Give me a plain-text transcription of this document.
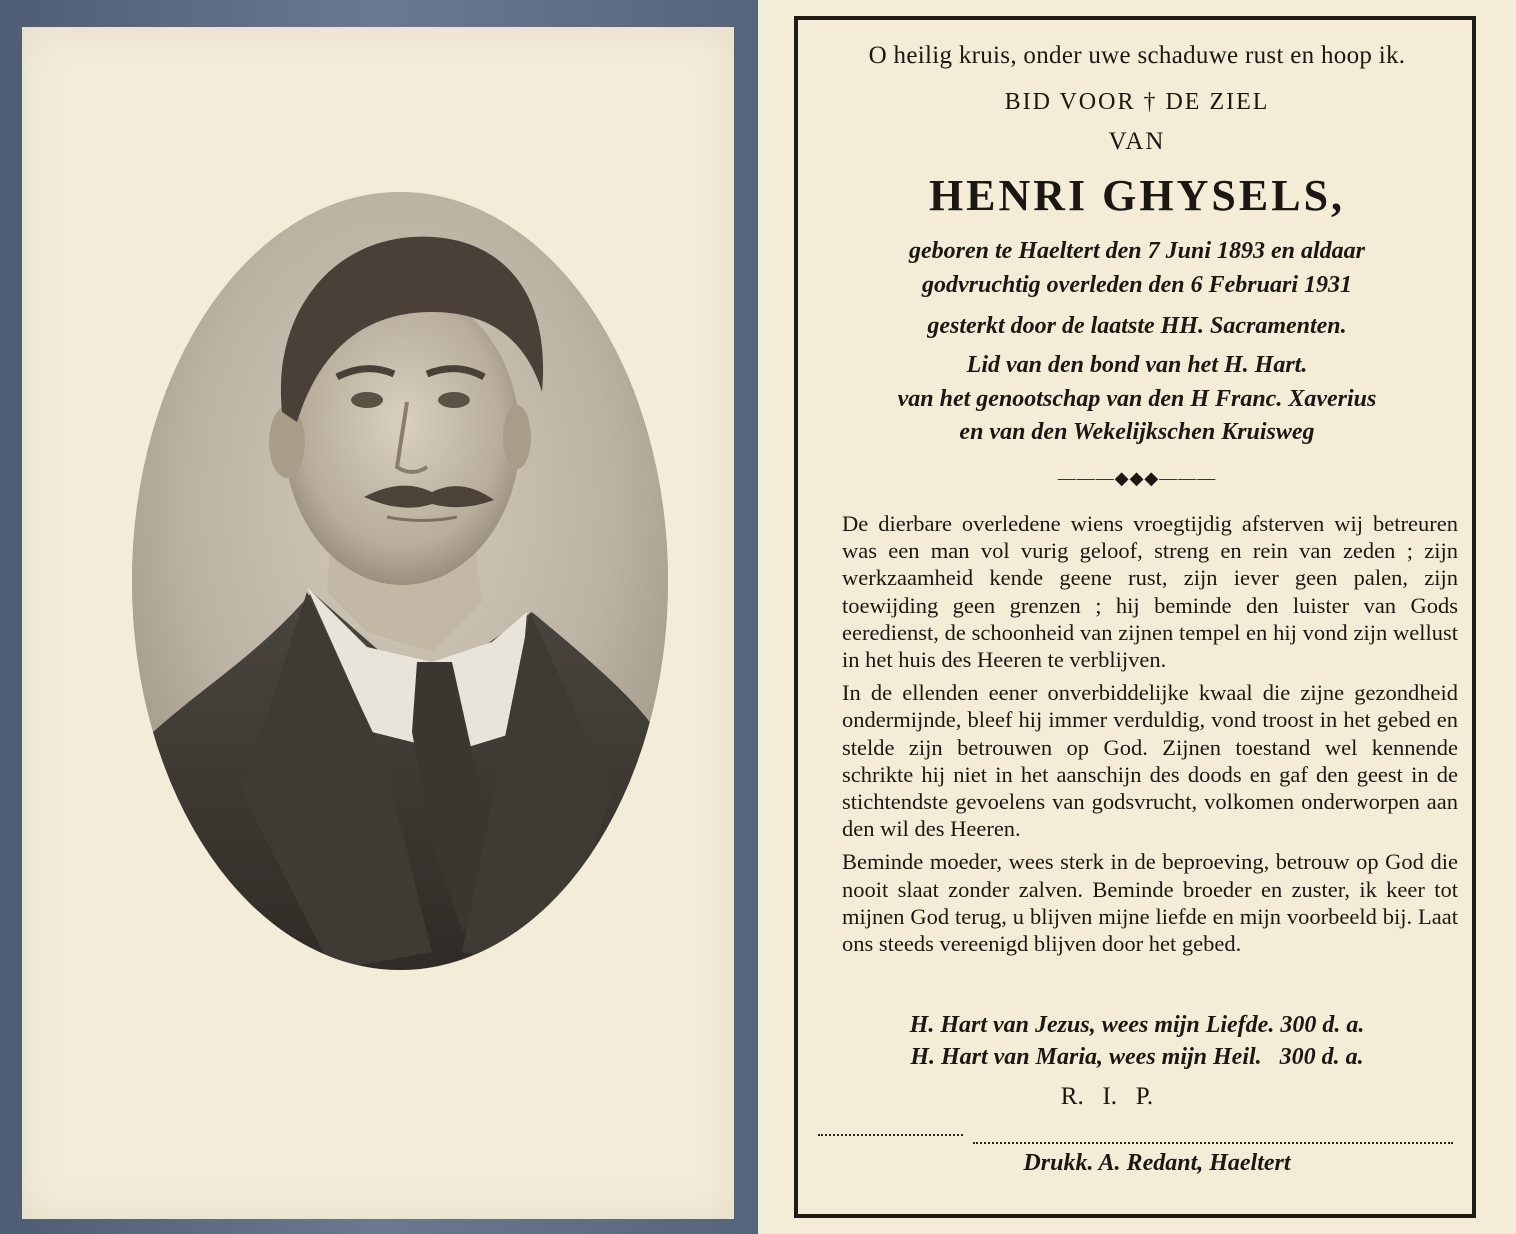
O heilig kruis, onder uwe schaduwe rust en hoop ik.
BID VOOR † DE ZIEL
VAN
HENRI GHYSELS,
geboren te Haeltert den 7 Juni 1893 en aldaar
godvruchtig overleden den 6 Februari 1931
gesterkt door de laatste HH. Sacramenten.
Lid van den bond van het H. Hart.
van het genootschap van den H Franc. Xaverius
en van den Wekelijkschen Kruisweg
———◆◆◆———

De dierbare overledene wiens vroegtijdig afsterven wij betreuren was een man vol vurig geloof, streng en rein van zeden ; zijn werkzaamheid kende geene rust, zijn iever geen palen, zijn toewijding geen grenzen ; hij beminde den luister van Gods eeredienst, de schoonheid van zijnen tempel en hij vond zijn wellust in het huis des Heeren te verblijven.

In de ellenden eener onverbiddelijke kwaal die zijne gezondheid ondermijnde, bleef hij immer verduldig, vond troost in het gebed en stelde zijn betrouwen op God. Zijnen toestand wel kennende schrikte hij niet in het aanschijn des doods en gaf den geest in de stichtendste gevoelens van godsvrucht, volkomen onderworpen aan den wil des Heeren.

Beminde moeder, wees sterk in de beproeving, betrouw op God die nooit slaat zonder zalven. Beminde broeder en zuster, ik keer tot mijnen God terug, u blijven mijne liefde en mijn voorbeeld bij. Laat ons steeds vereenigd blijven door het gebed.

H. Hart van Jezus, wees mijn Liefde. 300 d. a.
H. Hart van Maria, wees mijn Heil.   300 d. a.
R.   I.   P.
Drukk. A. Redant, Haeltert
